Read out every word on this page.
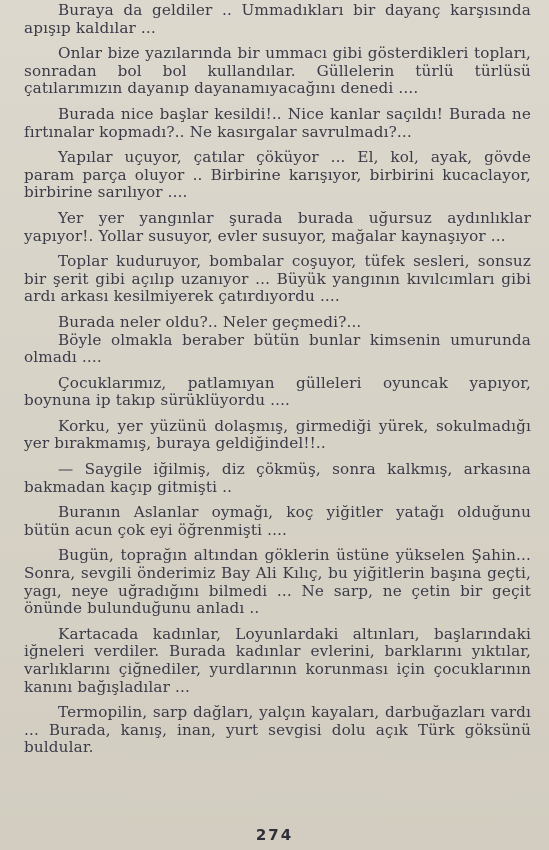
Buraya da geldiler .. Ummadıkları bir dayanç karşısında apışıp kaldılar ...

Onlar bize yazılarında bir ummacı gibi gösterdikleri topları, sonradan bol bol kullandılar. Güllelerin türlü türlüsü çatılarımızın dayanıp dayanamıyacağını denedi ....

Burada nice başlar kesildi!.. Nice kanlar saçıldı! Burada ne fırtınalar kopmadı?.. Ne kasırgalar savrulmadı?...

Yapılar uçuyor, çatılar çöküyor ... El, kol, ayak, gövde param parça oluyor .. Birbirine karışıyor, birbirini kucaclayor, birbirine sarılıyor ....

Yer yer yangınlar şurada burada uğursuz aydınlıklar yapıyor!. Yollar susuyor, evler susuyor, mağalar kaynaşıyor ...

Toplar kuduruyor, bombalar coşuyor, tüfek sesleri, sonsuz bir şerit gibi açılıp uzanıyor ... Büyük yangının kıvılcımları gibi ardı arkası kesilmiyerek çatırdıyordu ....

Burada neler oldu?.. Neler geçmedi?...

Böyle olmakla beraber bütün bunlar kimsenin umurunda olmadı ....

Çocuklarımız, patlamıyan gülleleri oyuncak yapıyor, boynuna ip takıp sürüklüyordu ....

Korku, yer yüzünü dolaşmış, girmediği yürek, sokulmadığı yer bırakmamış, buraya geldiğindel!!..

— Saygile iğilmiş, diz çökmüş, sonra kalkmış, arkasına bakmadan kaçıp gitmişti ..

Buranın Aslanlar oymağı, koç yiğitler yatağı olduğunu bütün acun çok eyi öğrenmişti ....

Bugün, toprağın altından göklerin üstüne yükselen Şahin... Sonra, sevgili önderimiz Bay Ali Kılıç, bu yiğitlerin başına geçti, yagı, neye uğradığını bilmedi ... Ne sarp, ne çetin bir geçit önünde bulunduğunu anladı ..

Kartacada kadınlar, Loyunlardaki altınları, başlarındaki iğneleri verdiler. Burada kadınlar evlerini, barklarını yıktılar, varlıklarını çiğnediler, yurdlarının korunması için çocuklarının kanını bağışladılar ...

Termopilin, sarp dağları, yalçın kayaları, darbuğazları vardı ... Burada, kanış, inan, yurt sevgisi dolu açık Türk göksünü buldular.

274
